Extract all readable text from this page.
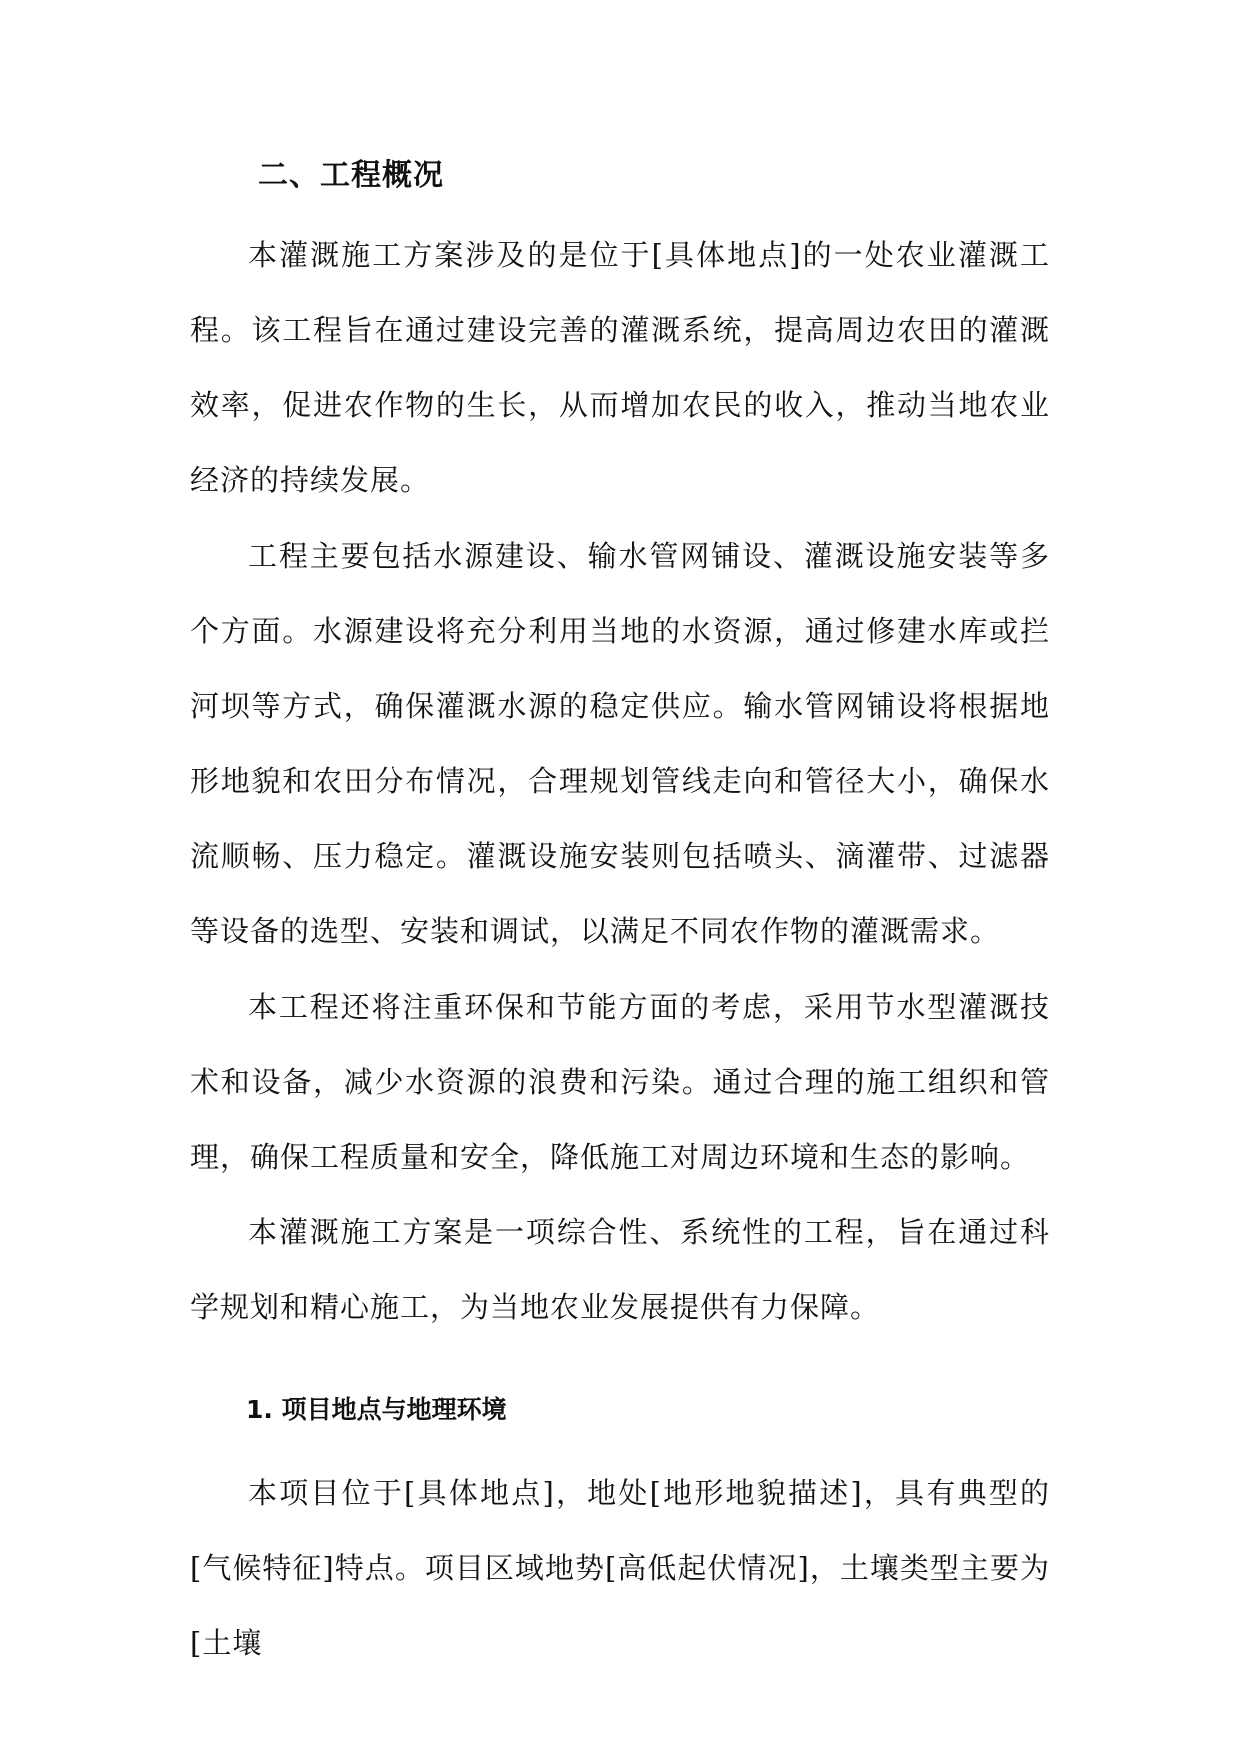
二、工程概况

本灌溉施工方案涉及的是位于[具体地点]的一处农业灌溉工程。该工程旨在通过建设完善的灌溉系统，提高周边农田的灌溉效率，促进农作物的生长，从而增加农民的收入，推动当地农业经济的持续发展。

工程主要包括水源建设、输水管网铺设、灌溉设施安装等多个方面。水源建设将充分利用当地的水资源，通过修建水库或拦河坝等方式，确保灌溉水源的稳定供应。输水管网铺设将根据地形地貌和农田分布情况，合理规划管线走向和管径大小，确保水流顺畅、压力稳定。灌溉设施安装则包括喷头、滴灌带、过滤器等设备的选型、安装和调试，以满足不同农作物的灌溉需求。

本工程还将注重环保和节能方面的考虑，采用节水型灌溉技术和设备，减少水资源的浪费和污染。通过合理的施工组织和管理，确保工程质量和安全，降低施工对周边环境和生态的影响。

本灌溉施工方案是一项综合性、系统性的工程，旨在通过科学规划和精心施工，为当地农业发展提供有力保障。

1. 项目地点与地理环境

本项目位于[具体地点]，地处[地形地貌描述]，具有典型的[气候特征]特点。项目区域地势[高低起伏情况]，土壤类型主要为[土壤
